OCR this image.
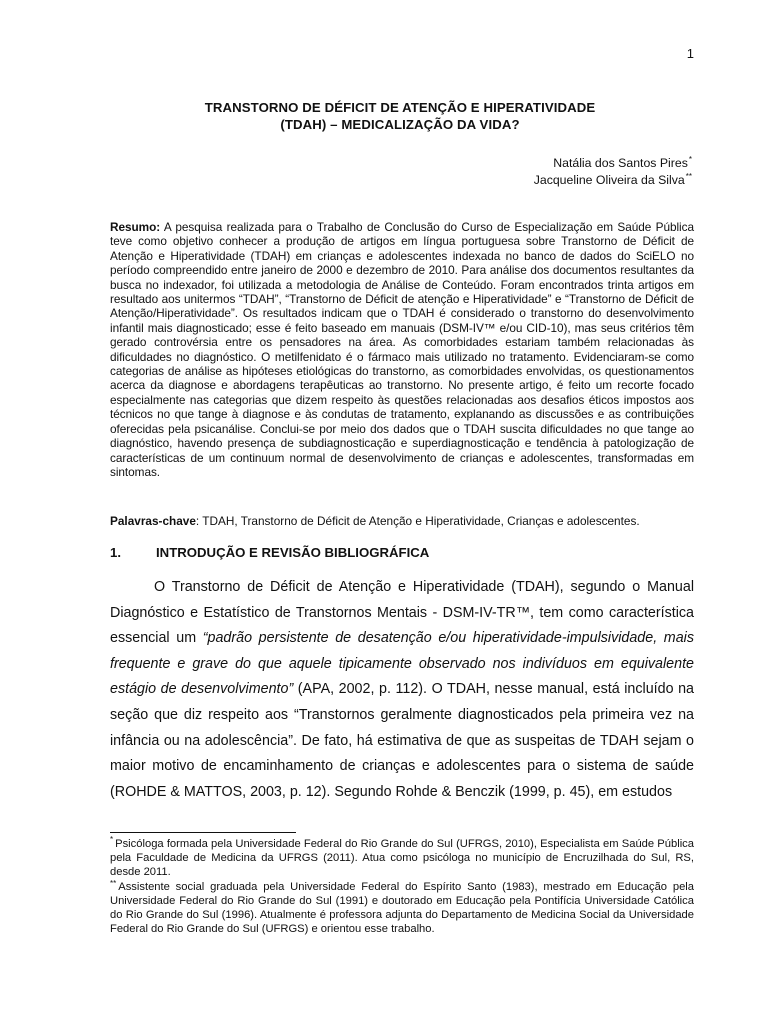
1
TRANSTORNO DE DÉFICIT DE ATENÇÃO E HIPERATIVIDADE
(TDAH) – MEDICALIZAÇÃO DA VIDA?
Natália dos Santos Pires*
Jacqueline Oliveira da Silva**
Resumo: A pesquisa realizada para o Trabalho de Conclusão do Curso de Especialização em Saúde Pública teve como objetivo conhecer a produção de artigos em língua portuguesa sobre Transtorno de Déficit de Atenção e Hiperatividade (TDAH) em crianças e adolescentes indexada no banco de dados do SciELO no período compreendido entre janeiro de 2000 e dezembro de 2010. Para análise dos documentos resultantes da busca no indexador, foi utilizada a metodologia de Análise de Conteúdo. Foram encontrados trinta artigos em resultado aos unitermos “TDAH”, “Transtorno de Déficit de atenção e Hiperatividade” e “Transtorno de Déficit de Atenção/Hiperatividade”. Os resultados indicam que o TDAH é considerado o transtorno do desenvolvimento infantil mais diagnosticado; esse é feito baseado em manuais (DSM-IV™ e/ou CID-10), mas seus critérios têm gerado controvérsia entre os pensadores na área. As comorbidades estariam também relacionadas às dificuldades no diagnóstico. O metilfenidato é o fármaco mais utilizado no tratamento. Evidenciaram-se como categorias de análise as hipóteses etiológicas do transtorno, as comorbidades envolvidas, os questionamentos acerca da diagnose e abordagens terapêuticas ao transtorno. No presente artigo, é feito um recorte focado especialmente nas categorias que dizem respeito às questões relacionadas aos desafios éticos impostos aos técnicos no que tange à diagnose e às condutas de tratamento, explanando as discussões e as contribuições oferecidas pela psicanálise. Conclui-se por meio dos dados que o TDAH suscita dificuldades no que tange ao diagnóstico, havendo presença de subdiagnosticação e superdiagnosticação e tendência à patologização de características de um continuum normal de desenvolvimento de crianças e adolescentes, transformadas em sintomas.
Palavras-chave: TDAH, Transtorno de Déficit de Atenção e Hiperatividade, Crianças e adolescentes.
1.	INTRODUÇÃO E REVISÃO BIBLIOGRÁFICA
O Transtorno de Déficit de Atenção e Hiperatividade (TDAH), segundo o Manual Diagnóstico e Estatístico de Transtornos Mentais - DSM-IV-TR™, tem como característica essencial um “padrão persistente de desatenção e/ou hiperatividade-impulsividade, mais frequente e grave do que aquele tipicamente observado nos indivíduos em equivalente estágio de desenvolvimento” (APA, 2002, p. 112). O TDAH, nesse manual, está incluído na seção que diz respeito aos “Transtornos geralmente diagnosticados pela primeira vez na infância ou na adolescência”. De fato, há estimativa de que as suspeitas de TDAH sejam o maior motivo de encaminhamento de crianças e adolescentes para o sistema de saúde (ROHDE & MATTOS, 2003, p. 12). Segundo Rohde & Benczik (1999, p. 45), em estudos
* Psicóloga formada pela Universidade Federal do Rio Grande do Sul (UFRGS, 2010), Especialista em Saúde Pública pela Faculdade de Medicina da UFRGS (2011). Atua como psicóloga no município de Encruzilhada do Sul, RS, desde 2011.
** Assistente social graduada pela Universidade Federal do Espírito Santo (1983), mestrado em Educação pela Universidade Federal do Rio Grande do Sul (1991) e doutorado em Educação pela Pontifícia Universidade Católica do Rio Grande do Sul (1996). Atualmente é professora adjunta do Departamento de Medicina Social da Universidade Federal do Rio Grande do Sul (UFRGS) e orientou esse trabalho.
